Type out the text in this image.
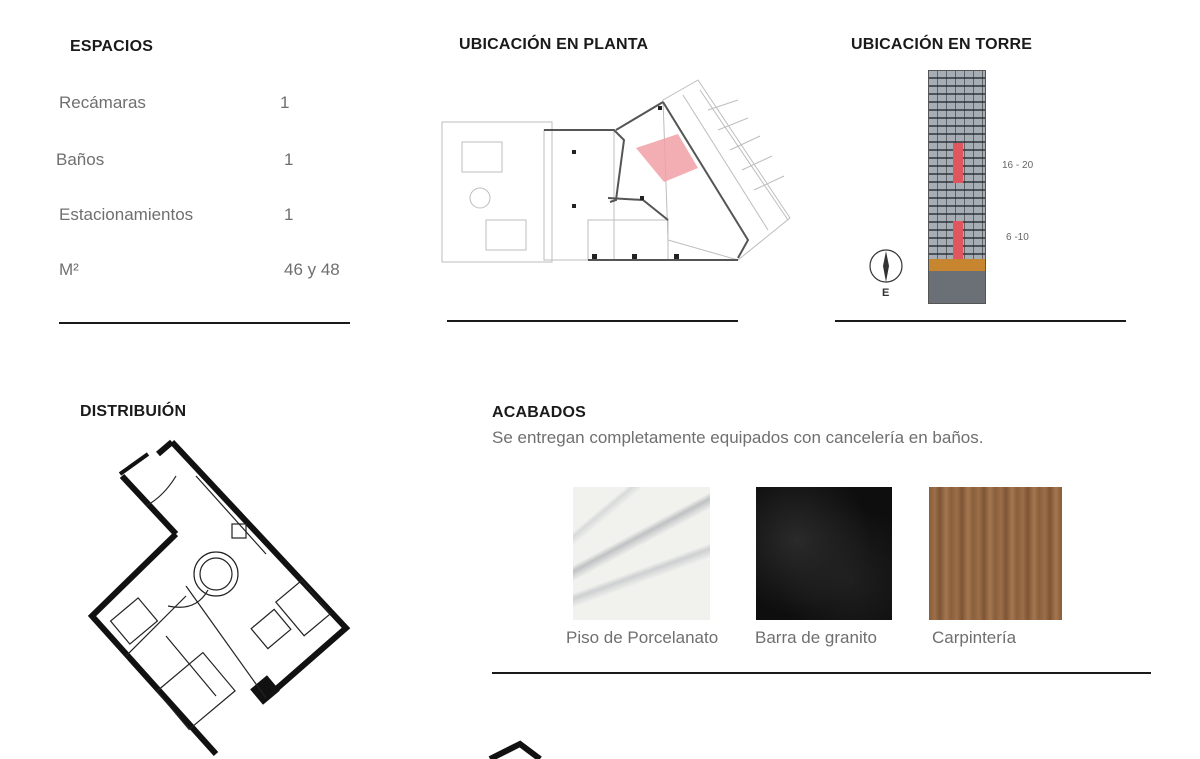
ESPACIOS
Recámaras	1
Baños	1
Estacionamientos	1
M²	46 y 48
UBICACIÓN EN PLANTA	UBICACIÓN EN TORRE
16 - 20
6 -10
E
DISTRIBUIÓN	ACABADOS
Se entregan completamente equipados con cancelería en baños.
Piso de Porcelanato Barra de granito	Carpintería
